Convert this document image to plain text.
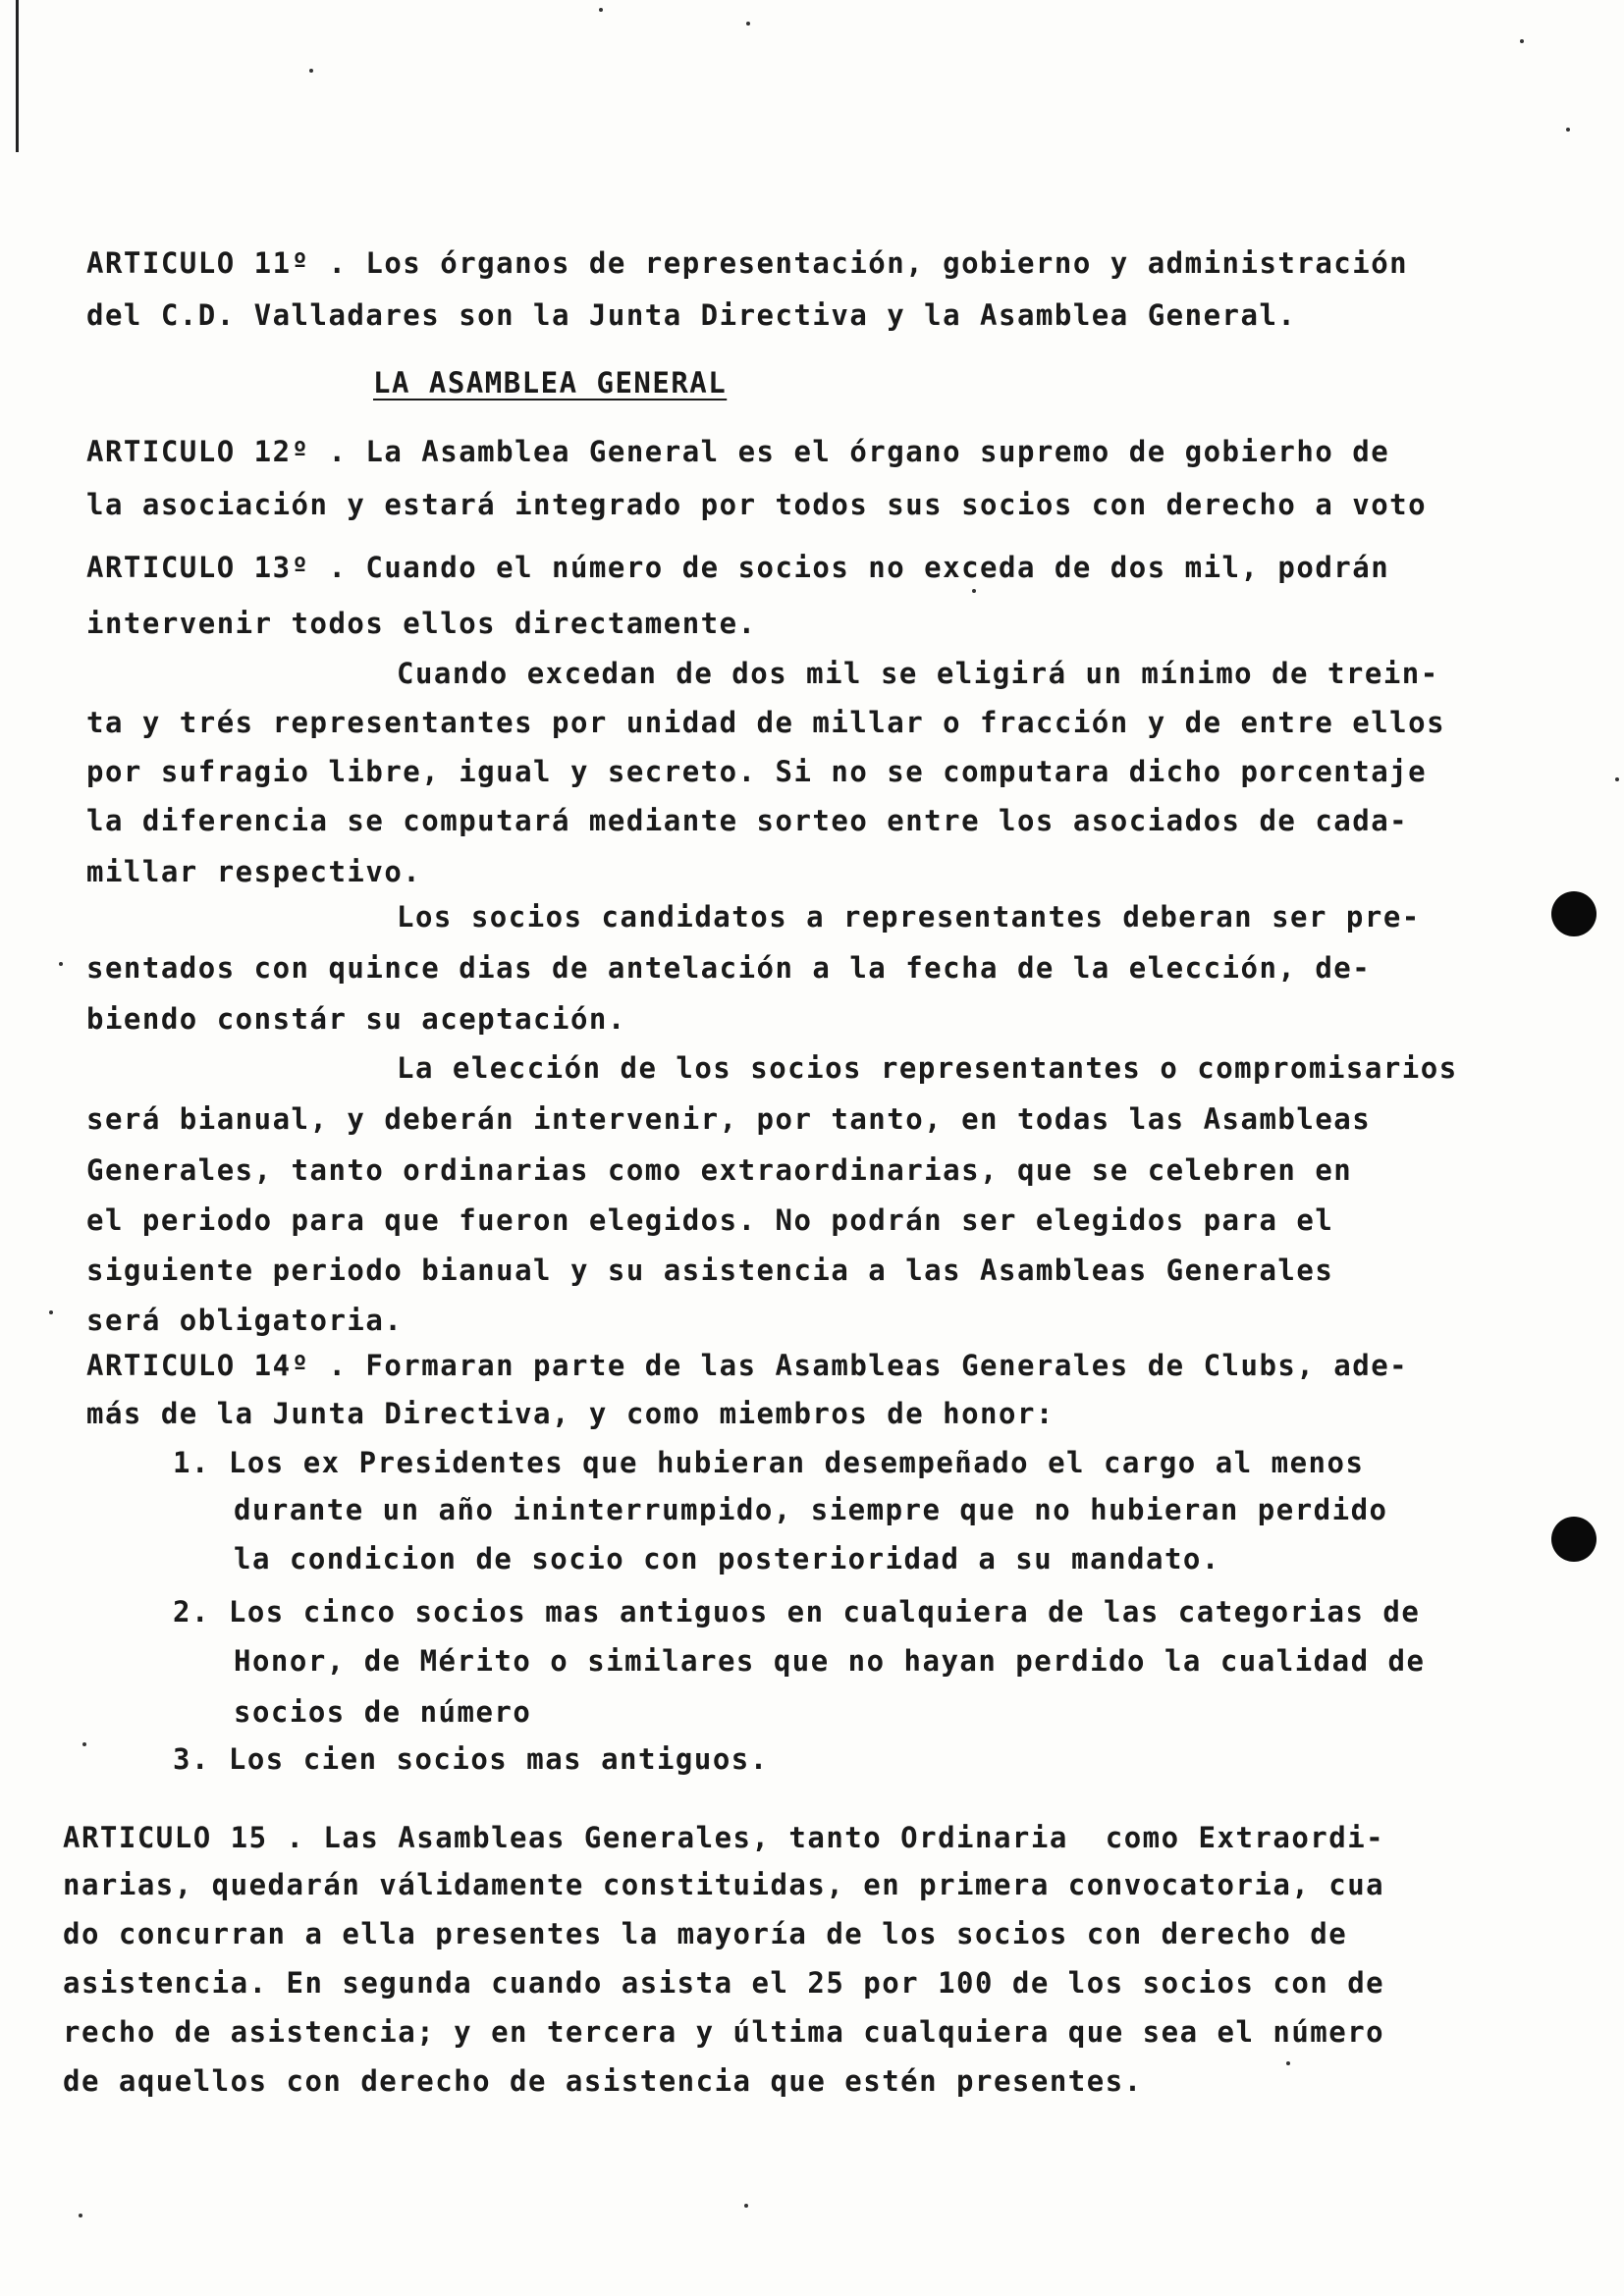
ARTICULO 11º . Los órganos de representación, gobierno y administración
del C.D. Valladares son la Junta Directiva y la Asamblea General.
LA ASAMBLEA GENERAL
ARTICULO 12º . La Asamblea General es el órgano supremo de gobierho de
la asociación y estará integrado por todos sus socios con derecho a voto
ARTICULO 13º . Cuando el número de socios no exceda de dos mil, podrán
intervenir todos ellos directamente.
Cuando excedan de dos mil se eligirá un mínimo de trein-
ta y trés representantes por unidad de millar o fracción y de entre ellos
por sufragio libre, igual y secreto. Si no se computara dicho porcentaje
la diferencia se computará mediante sorteo entre los asociados de cada-
millar respectivo.
Los socios candidatos a representantes deberan ser pre-
sentados con quince dias de antelación a la fecha de la elección, de-
biendo constár su aceptación.
La elección de los socios representantes o compromisarios
será bianual, y deberán intervenir, por tanto, en todas las Asambleas
Generales, tanto ordinarias como extraordinarias, que se celebren en
el periodo para que fueron elegidos. No podrán ser elegidos para el
siguiente periodo bianual y su asistencia a las Asambleas Generales
será obligatoria.
ARTICULO 14º . Formaran parte de las Asambleas Generales de Clubs, ade-
más de la Junta Directiva, y como miembros de honor:
1. Los ex Presidentes que hubieran desempeñado el cargo al menos
durante un año ininterrumpido, siempre que no hubieran perdido
la condicion de socio con posterioridad a su mandato.
2. Los cinco socios mas antiguos en cualquiera de las categorias de
Honor, de Mérito o similares que no hayan perdido la cualidad de
socios de número
3. Los cien socios mas antiguos.
ARTICULO 15 . Las Asambleas Generales, tanto Ordinaria  como Extraordi-
narias, quedarán válidamente constituidas, en primera convocatoria, cua
do concurran a ella presentes la mayoría de los socios con derecho de
asistencia. En segunda cuando asista el 25 por 100 de los socios con de
recho de asistencia; y en tercera y última cualquiera que sea el número
de aquellos con derecho de asistencia que estén presentes.
